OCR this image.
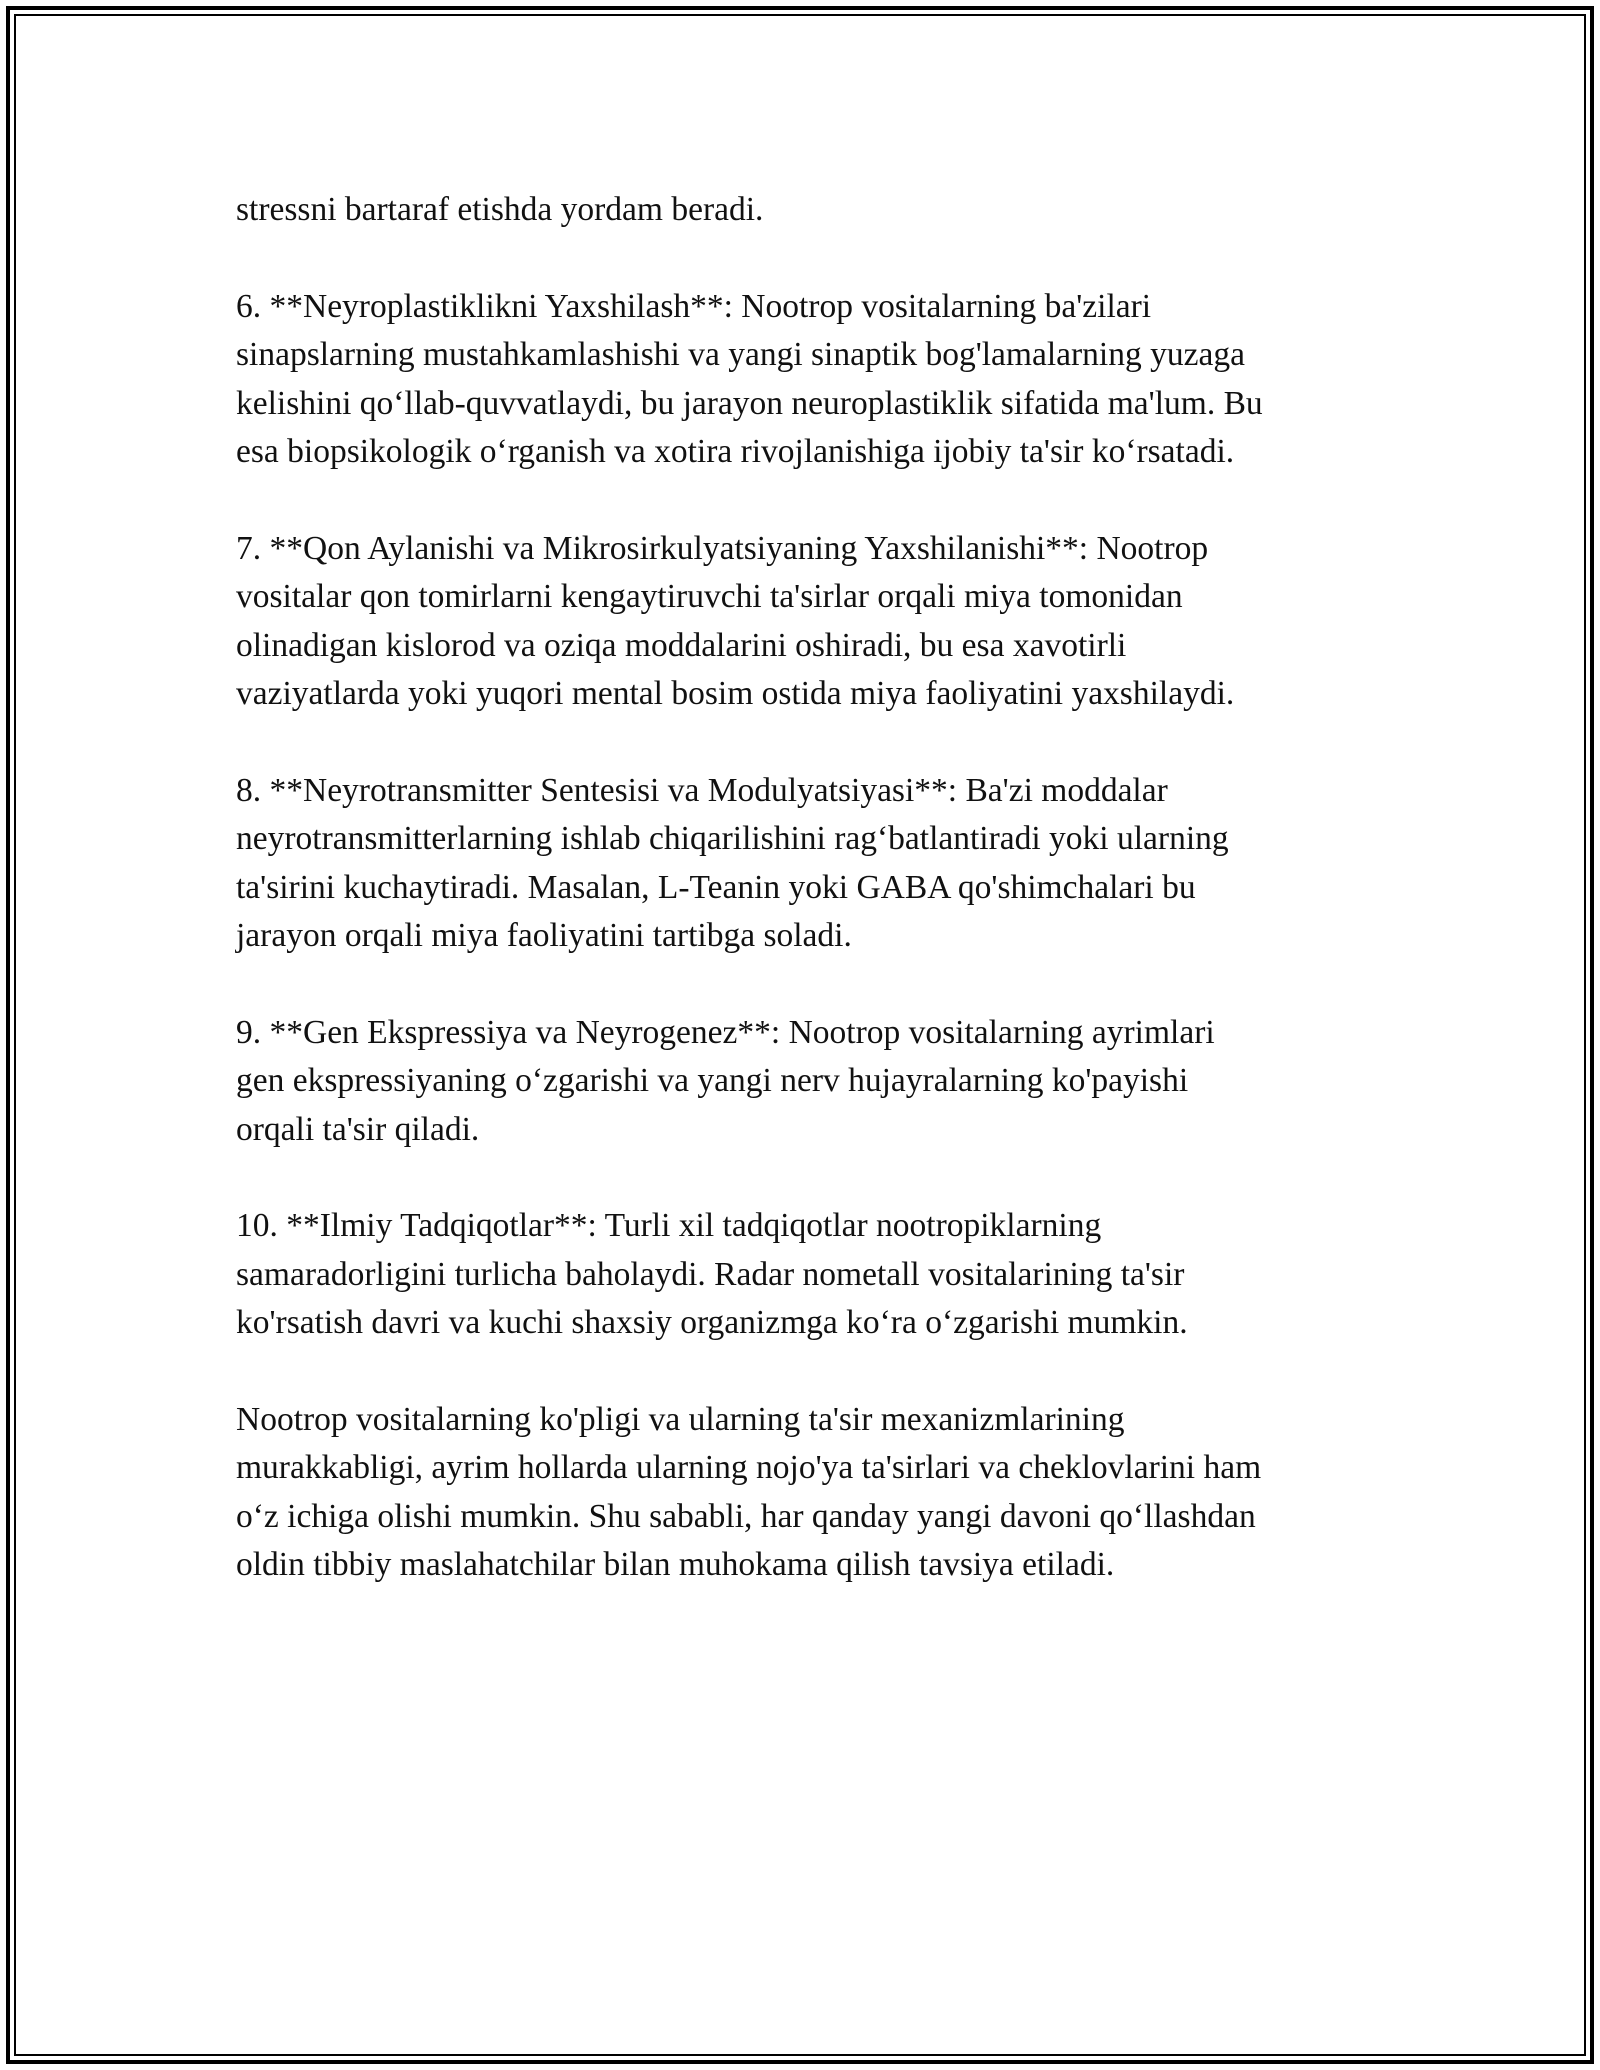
stressni bartaraf etishda yordam beradi.

6. **Neyroplastiklikni Yaxshilash**: Nootrop vositalarning ba'zilari
sinapslarning mustahkamlashishi va yangi sinaptik bog'lamalarning yuzaga
kelishini qo‘llab-quvvatlaydi, bu jarayon neuroplastiklik sifatida ma'lum. Bu
esa biopsikologik o‘rganish va xotira rivojlanishiga ijobiy ta'sir ko‘rsatadi.

7. **Qon Aylanishi va Mikrosirkulyatsiyaning Yaxshilanishi**: Nootrop
vositalar qon tomirlarni kengaytiruvchi ta'sirlar orqali miya tomonidan
olinadigan kislorod va oziqa moddalarini oshiradi, bu esa xavotirli
vaziyatlarda yoki yuqori mental bosim ostida miya faoliyatini yaxshilaydi.

8. **Neyrotransmitter Sentesisi va Modulyatsiyasi**: Ba'zi moddalar
neyrotransmitterlarning ishlab chiqarilishini rag‘batlantiradi yoki ularning
ta'sirini kuchaytiradi. Masalan, L-Teanin yoki GABA qo'shimchalari bu
jarayon orqali miya faoliyatini tartibga soladi.

9. **Gen Ekspressiya va Neyrogenez**: Nootrop vositalarning ayrimlari
gen ekspressiyaning o‘zgarishi va yangi nerv hujayralarning ko'payishi
orqali ta'sir qiladi.

10. **Ilmiy Tadqiqotlar**: Turli xil tadqiqotlar nootropiklarning
samaradorligini turlicha baholaydi. Radar nometall vositalarining ta'sir
ko'rsatish davri va kuchi shaxsiy organizmga ko‘ra o‘zgarishi mumkin.

Nootrop vositalarning ko'pligi va ularning ta'sir mexanizmlarining
murakkabligi, ayrim hollarda ularning nojo'ya ta'sirlari va cheklovlarini ham
o‘z ichiga olishi mumkin. Shu sababli, har qanday yangi davoni qo‘llashdan
oldin tibbiy maslahatchilar bilan muhokama qilish tavsiya etiladi.
